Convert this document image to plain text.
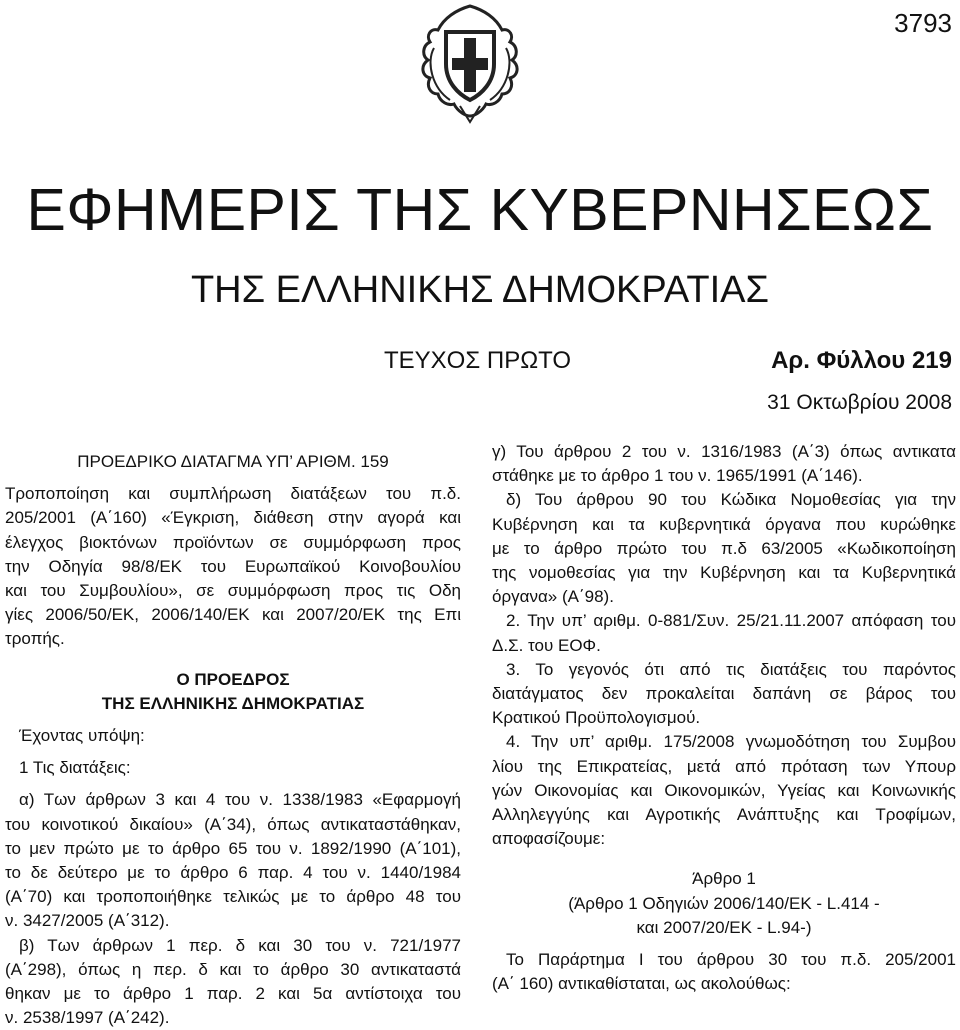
3793
ΕΦΗΜΕΡΙΣ ΤΗΣ ΚΥΒΕΡΝΗΣΕΩΣ
ΤΗΣ ΕΛΛΗΝΙΚΗΣ ΔΗΜΟΚΡΑΤΙΑΣ
ΤΕΥΧΟΣ ΠΡΩΤΟ	Αρ. Φύλλου 219
31 Οκτωβρίου 2008

ΠΡΟΕΔΡΙΚΟ ΔΙΑΤΑΓΜΑ ΥΠ’ ΑΡΙΘΜ. 159

Τροποποίηση και συμπλήρωση διατάξεων του π.δ.

205/2001 (Α΄160) «Έγκριση, διάθεση στην αγορά και

έλεγχος βιοκτόνων προϊόντων σε συμμόρφωση προς

την Οδηγία 98/8/ΕΚ του Ευρωπαϊκού Κοινοβουλίου

και του Συμβουλίου», σε συμμόρφωση προς τις Οδη

γίες 2006/50/ΕΚ, 2006/140/ΕΚ και 2007/20/ΕΚ της Επι

τροπής.

Ο ΠΡΟΕΔΡΟΣ

ΤΗΣ ΕΛΛΗΝΙΚΗΣ ΔΗΜΟΚΡΑΤΙΑΣ

Έχοντας υπόψη:

1 Τις διατάξεις:

α) Των άρθρων 3 και 4 του ν. 1338/1983 «Εφαρμογή

του κοινοτικού δικαίου» (Α΄34), όπως αντικαταστάθηκαν,

το μεν πρώτο με το άρθρο 65 του ν. 1892/1990 (Α΄101),

το δε δεύτερο με το άρθρο 6 παρ. 4 του ν. 1440/1984

(Α΄70) και τροποποιήθηκε τελικώς με το άρθρο 48 του

ν. 3427/2005 (Α΄312).

β) Των άρθρων 1 περ. δ και 30 του ν. 721/1977

(Α΄298), όπως η περ. δ και το άρθρο 30 αντικαταστά

θηκαν με το άρθρο 1 παρ. 2 και 5α αντίστοιχα του

ν. 2538/1997 (Α΄242).

γ) Του άρθρου 2 του ν. 1316/1983 (Α΄3) όπως αντικατα

στάθηκε με το άρθρο 1 του ν. 1965/1991 (Α΄146).

δ) Του άρθρου 90 του Κώδικα Νομοθεσίας για την

Κυβέρνηση και τα κυβερνητικά όργανα που κυρώθηκε

με το άρθρο πρώτο του π.δ 63/2005 «Κωδικοποίηση

της νομοθεσίας για την Κυβέρνηση και τα Κυβερνητικά

όργανα» (Α΄98).

2. Την υπ’ αριθμ. 0-881/Συν. 25/21.11.2007 απόφαση του

Δ.Σ. του ΕΟΦ.

3. Το γεγονός ότι από τις διατάξεις του παρόντος

διατάγματος δεν προκαλείται δαπάνη σε βάρος του

Κρατικού Προϋπολογισμού.

4. Την υπ’ αριθμ. 175/2008 γνωμοδότηση του Συμβου

λίου της Επικρατείας, μετά από πρόταση των Υπουρ

γών Οικονομίας και Οικονομικών, Υγείας και Κοινωνικής

Αλληλεγγύης και Αγροτικής Ανάπτυξης και Τροφίμων,

αποφασίζουμε:

Άρθρο 1

(Άρθρο 1 Οδηγιών 2006/140/ΕΚ - L.414 -

και 2007/20/ΕΚ - L.94-)

Το Παράρτημα Ι του άρθρου 30 του π.δ. 205/2001

(Α΄ 160) αντικαθίσταται, ως ακολούθως:
